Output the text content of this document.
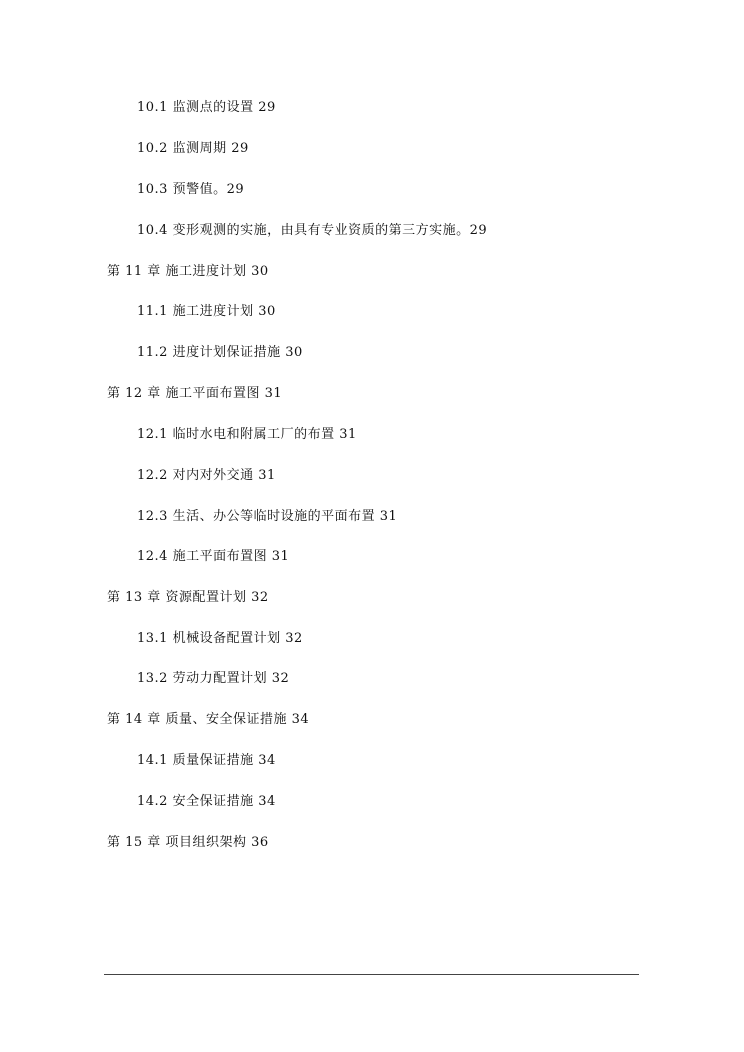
10.1 监测点的设置 29
10.2 监测周期 29
10.3 预警值。29
10.4 变形观测的实施，由具有专业资质的第三方实施。29
第 11 章 施工进度计划 30
11.1 施工进度计划 30
11.2 进度计划保证措施 30
第 12 章 施工平面布置图 31
12.1 临时水电和附属工厂的布置 31
12.2 对内对外交通 31
12.3 生活、办公等临时设施的平面布置 31
12.4 施工平面布置图 31
第 13 章 资源配置计划 32
13.1 机械设备配置计划 32
13.2 劳动力配置计划 32
第 14 章 质量、安全保证措施 34
14.1 质量保证措施 34
14.2 安全保证措施 34
第 15 章 项目组织架构 36
